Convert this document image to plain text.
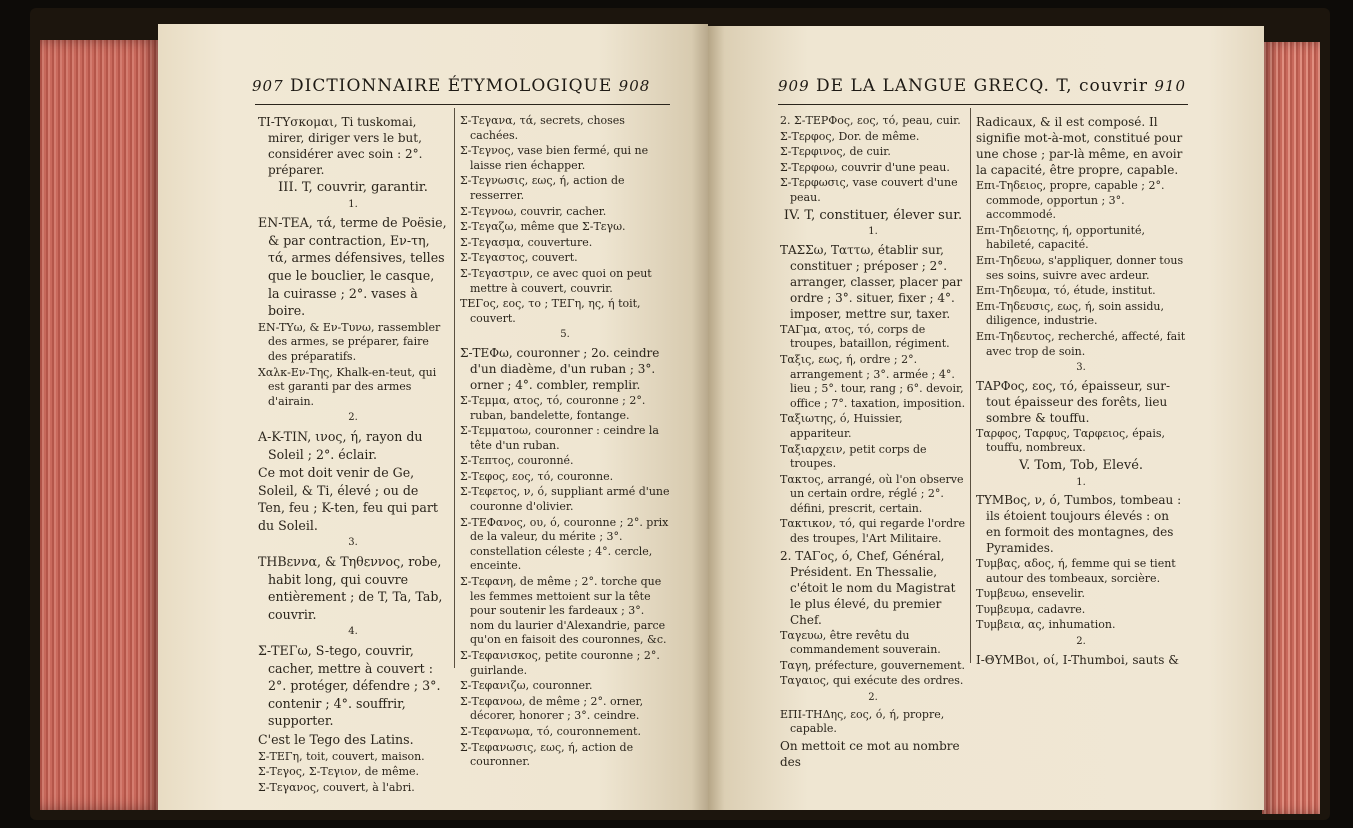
907 DICTIONNAIRE ÉTYMOLOGIQUE 908	909 DE LA LANGUE GRECQ. T, couvrir 910

TI-TΥσκομαι, Ti tuskomai, mirer, diriger vers le but, considérer avec soin : 2°. préparer.

III. T, couvrir, garantir.

1.

EN-TEA, τά, terme de Poësie, & par contraction, Εν-τη, τά, armes défensives, telles que le bouclier, le casque, la cuirasse ; 2°. vases à boire.

EN-TΥω, & Εν-Τυνω, rassembler des armes, se préparer, faire des préparatifs.

Χαλκ-Εν-Της, Khalk-en-teut, qui est garanti par des armes d'airain.

2.

A-K-TIN, ινος, ή, rayon du Soleil ; 2°. éclair.

Ce mot doit venir de Ge, Soleil, & Ti, élevé ; ou de Ten, feu ; K-ten, feu qui part du Soleil.

3.

THΒεννα, & Τηθεννος, robe, habit long, qui couvre entièrement ; de T, Ta, Tab, couvrir.

4.

Σ-TEΓω, S-tego, couvrir, cacher, mettre à couvert : 2°. protéger, défendre ; 3°. contenir ; 4°. souffrir, supporter.

C'est le Tego des Latins.

Σ-ΤΕΓη, toit, couvert, maison.

Σ-Τεγος, Σ-Τεγιον, de même.

Σ-Τεγανος, couvert, à l'abri.

Σ-Τεγανα, τά, secrets, choses cachées.

Σ-Τεγνος, vase bien fermé, qui ne laisse rien échapper.

Σ-Τεγνωσις, εως, ή, action de resserrer.

Σ-Τεγνοω, couvrir, cacher.

Σ-Τεγαζω, même que Σ-Τεγω.

Σ-Τεγασμα, couverture.

Σ-Τεγαστος, couvert.

Σ-Τεγαστριν, ce avec quoi on peut mettre à couvert, couvrir.

ΤΕΓος, εος, το ; ΤΕΓη, ης, ή toit, couvert.

5.

Σ-ΤΕΦω, couronner ; 2o. ceindre d'un diadème, d'un ruban ; 3°. orner ; 4°. combler, remplir.

Σ-Τεμμα, ατος, τό, couronne ; 2°. ruban, bandelette, fontange.

Σ-Τεμματοω, couronner : ceindre la tête d'un ruban.

Σ-Τεπτος, couronné.

Σ-Τεφος, εος, τό, couronne.

Σ-Τεφετος, ν, ό, suppliant armé d'une couronne d'olivier.

Σ-ΤΕΦανος, ου, ό, couronne ; 2°. prix de la valeur, du mérite ; 3°. constellation céleste ; 4°. cercle, enceinte.

Σ-Τεφανη, de même ; 2°. torche que les femmes mettoient sur la tête pour soutenir les fardeaux ; 3°. nom du laurier d'Alexandrie, parce qu'on en faisoit des couronnes, &c.

Σ-Τεφανισκος, petite couronne ; 2°. guirlande.

Σ-Τεφανιζω, couronner.

Σ-Τεφανοω, de même ; 2°. orner, décorer, honorer ; 3°. ceindre.

Σ-Τεφανωμα, τό, couronnement.

Σ-Τεφανωσις, εως, ή, action de couronner.

2. Σ-ΤΕΡΦος, εος, τό, peau, cuir.

Σ-Τερφος, Dor. de même.

Σ-Τερφινος, de cuir.

Σ-Τερφοω, couvrir d'une peau.

Σ-Τερφωσις, vase couvert d'une peau.

IV. T, constituer, élever sur.

1.

ΤΑΣΣω, Ταττω, établir sur, constituer ; préposer ; 2°. arranger, classer, placer par ordre ; 3°. situer, fixer ; 4°. imposer, mettre sur, taxer.

ΤΑΓμα, ατος, τό, corps de troupes, bataillon, régiment.

Ταξις, εως, ή, ordre ; 2°. arrangement ; 3°. armée ; 4°. lieu ; 5°. tour, rang ; 6°. devoir, office ; 7°. taxation, imposition.

Ταξιωτης, ό, Huissier, appariteur.

Ταξιαρχειν, petit corps de troupes.

Τακτος, arrangé, où l'on observe un certain ordre, réglé ; 2°. défini, prescrit, certain.

Τακτικον, τό, qui regarde l'ordre des troupes, l'Art Militaire.

2. ΤΑΓος, ό, Chef, Général, Président. En Thessalie, c'étoit le nom du Magistrat le plus élevé, du premier Chef.

Ταγευω, être revêtu du commandement souverain.

Ταγη, préfecture, gouvernement.

Ταγαιος, qui exécute des ordres.

2.

ΕΠΙ-ΤΗΔης, εος, ό, ή, propre, capable.

On mettoit ce mot au nombre des

Radicaux, & il est composé. Il signifie mot-à-mot, constitué pour une chose ; par-là même, en avoir la capacité, être propre, capable.

Επι-Τηδειος, propre, capable ; 2°. commode, opportun ; 3°. accommodé.

Επι-Τηδειοτης, ή, opportunité, habileté, capacité.

Επι-Τηδευω, s'appliquer, donner tous ses soins, suivre avec ardeur.

Επι-Τηδευμα, τό, étude, institut.

Επι-Τηδευσις, εως, ή, soin assidu, diligence, industrie.

Επι-Τηδευτος, recherché, affecté, fait avec trop de soin.

3.

ΤΑΡΦος, εος, τό, épaisseur, sur-tout épaisseur des forêts, lieu sombre & touffu.

Ταρφος, Ταρφυς, Ταρφειος, épais, touffu, nombreux.

V. Tom, Tob, Elevé.

1.

TΥΜΒος, ν, ό, Tumbos, tombeau : ils étoient toujours élevés : on en formoit des montagnes, des Pyramides.

Τυμβας, αδος, ή, femme qui se tient autour des tombeaux, sorcière.

Τυμβευω, ensevelir.

Τυμβευμα, cadavre.

Τυμβεια, ας, inhumation.

2.

Ι-ΘΥΜΒοι, οί, I-Thumboi, sauts &
